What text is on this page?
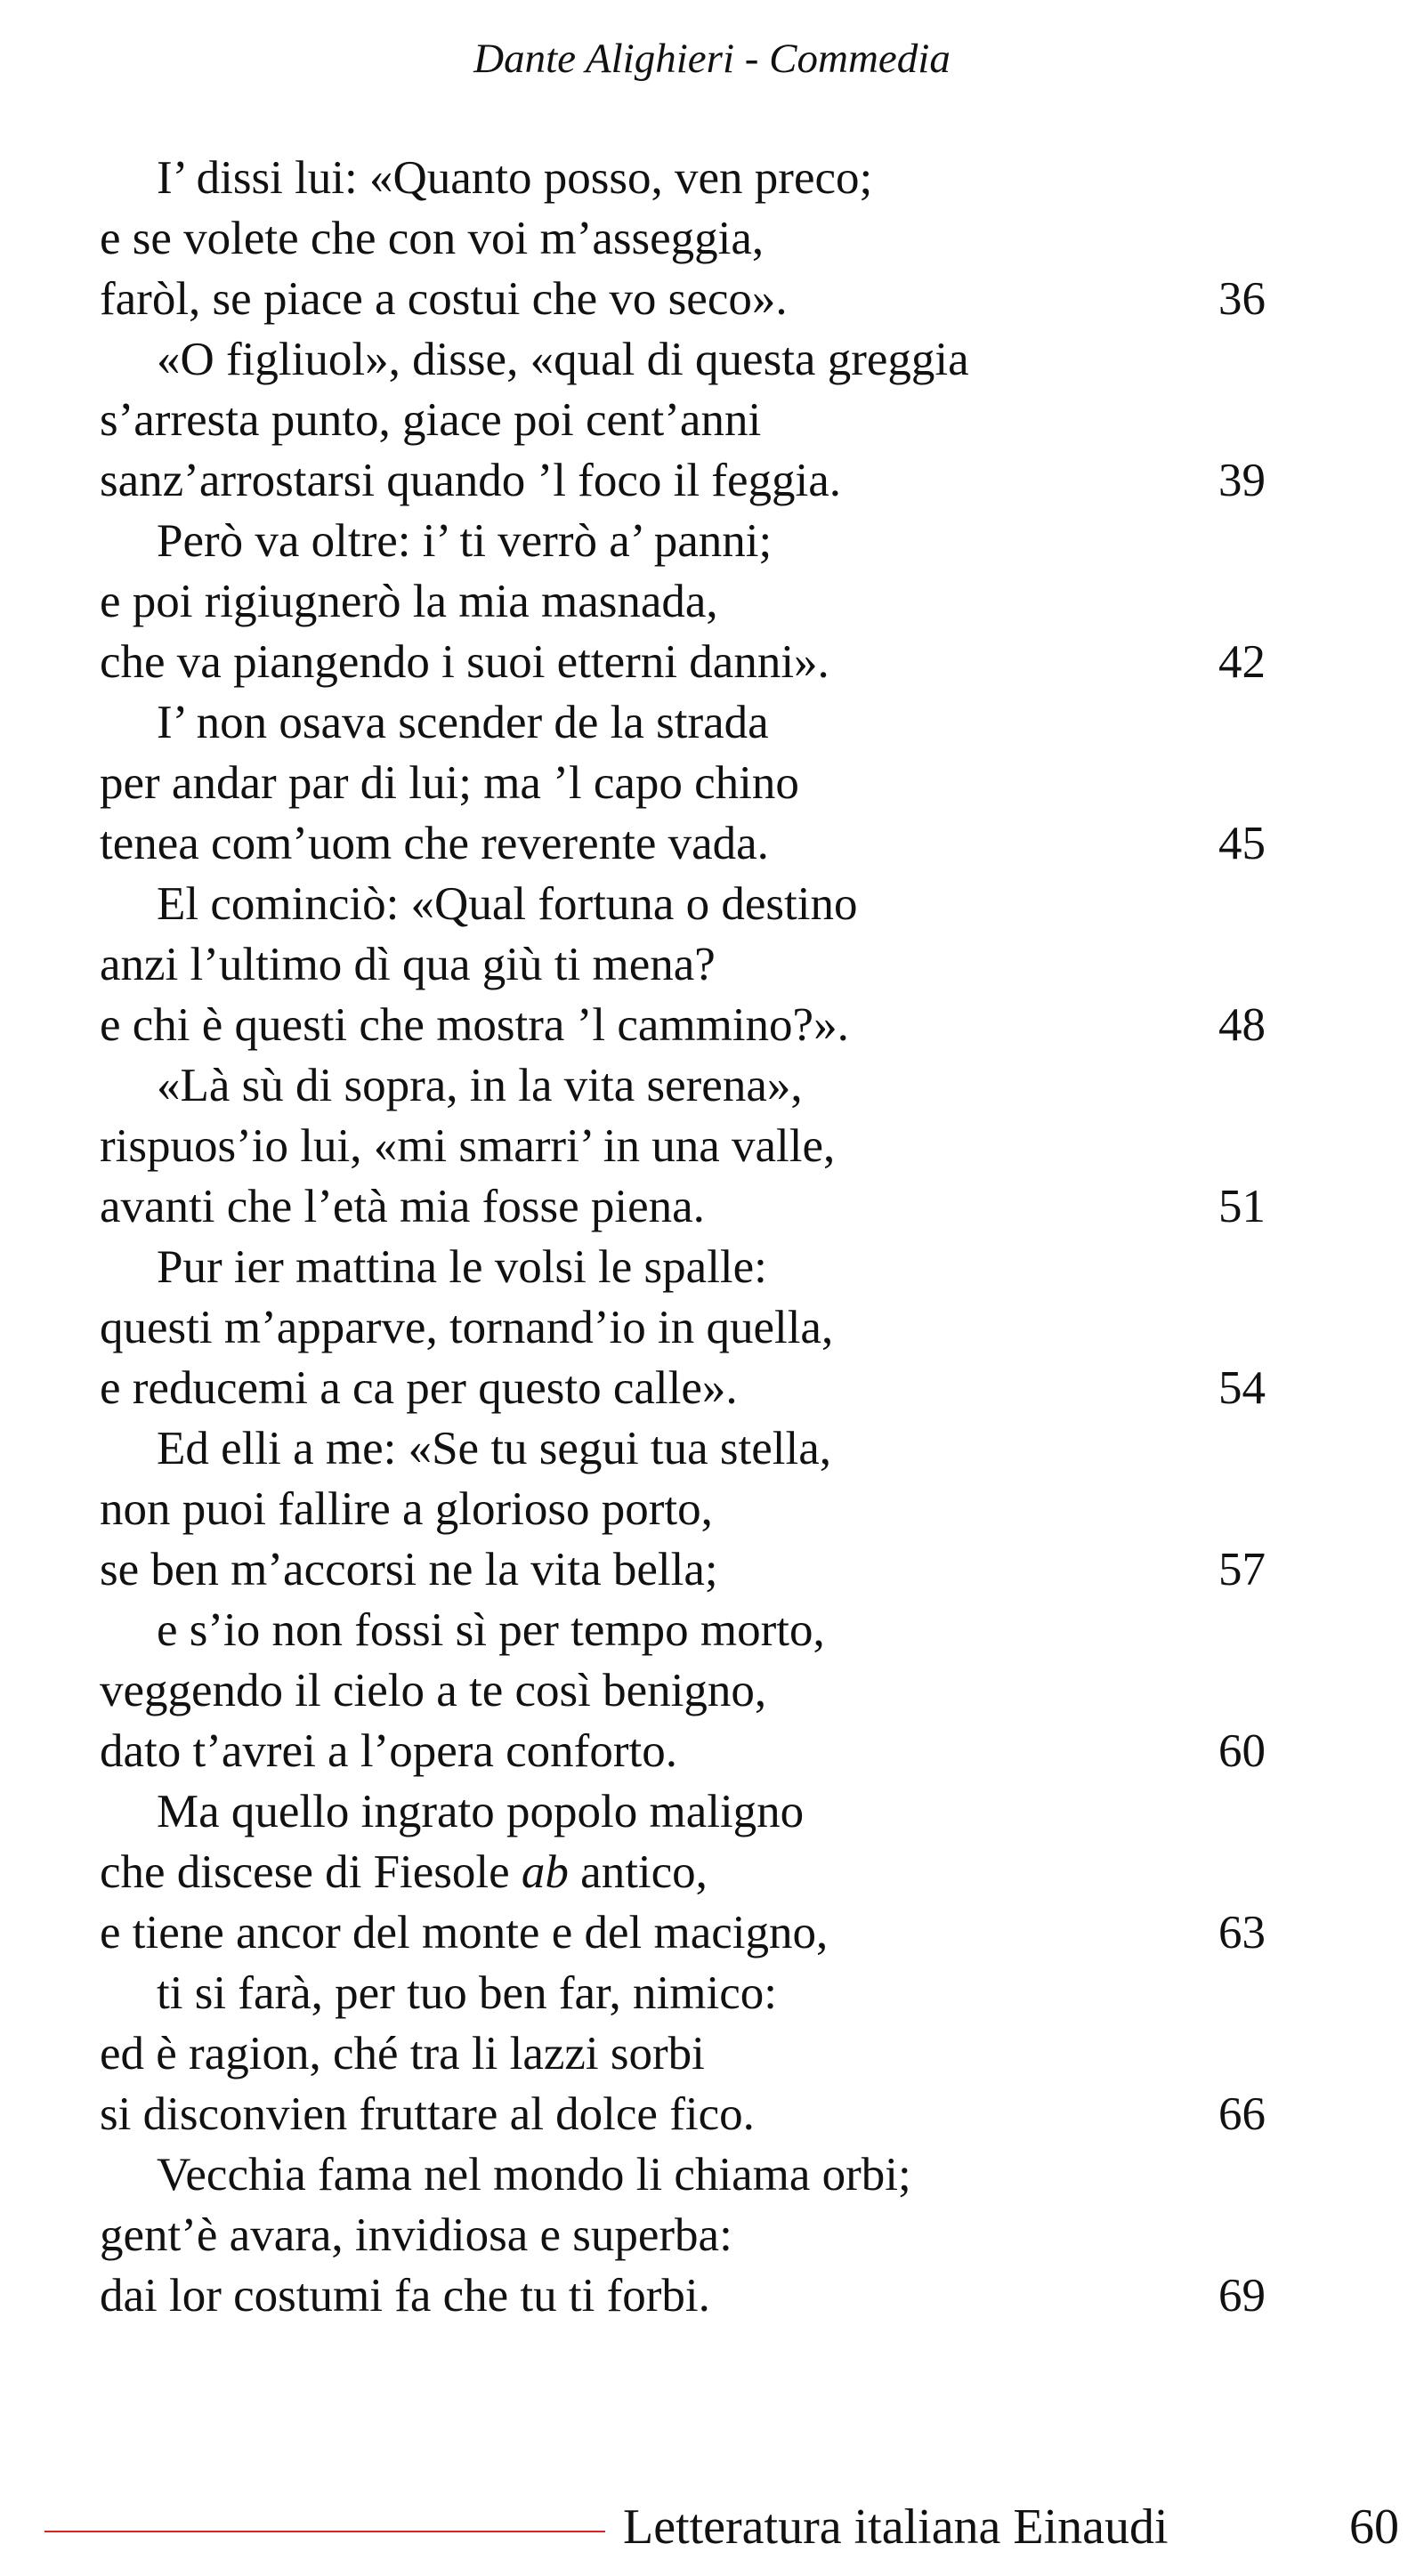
Dante Alighieri - Commedia
I’ dissi lui: «Quanto posso, ven preco;
e se volete che con voi m’asseggia,
faròl, se piace a costui che vo seco».	36
«O figliuol», disse, «qual di questa greggia
s’arresta punto, giace poi cent’anni
sanz’arrostarsi quando ’l foco il feggia.	39
Però va oltre: i’ ti verrò a’ panni;
e poi rigiugnerò la mia masnada,
che va piangendo i suoi etterni danni».	42
I’ non osava scender de la strada
per andar par di lui; ma ’l capo chino
tenea com’uom che reverente vada.	45
El cominciò: «Qual fortuna o destino
anzi l’ultimo dì qua giù ti mena?
e chi è questi che mostra ’l cammino?».	48
«Là sù di sopra, in la vita serena»,
rispuos’io lui, «mi smarri’ in una valle,
avanti che l’età mia fosse piena.	51
Pur ier mattina le volsi le spalle:
questi m’apparve, tornand’io in quella,
e reducemi a ca per questo calle».	54
Ed elli a me: «Se tu segui tua stella,
non puoi fallire a glorioso porto,
se ben m’accorsi ne la vita bella;	57
e s’io non fossi sì per tempo morto,
veggendo il cielo a te così benigno,
dato t’avrei a l’opera conforto.	60
Ma quello ingrato popolo maligno
che discese di Fiesole ab antico,
e tiene ancor del monte e del macigno,	63
ti si farà, per tuo ben far, nimico:
ed è ragion, ché tra li lazzi sorbi
si disconvien fruttare al dolce fico.	66
Vecchia fama nel mondo li chiama orbi;
gent’è avara, invidiosa e superba:
dai lor costumi fa che tu ti forbi.	69
Letteratura italiana Einaudi	60
